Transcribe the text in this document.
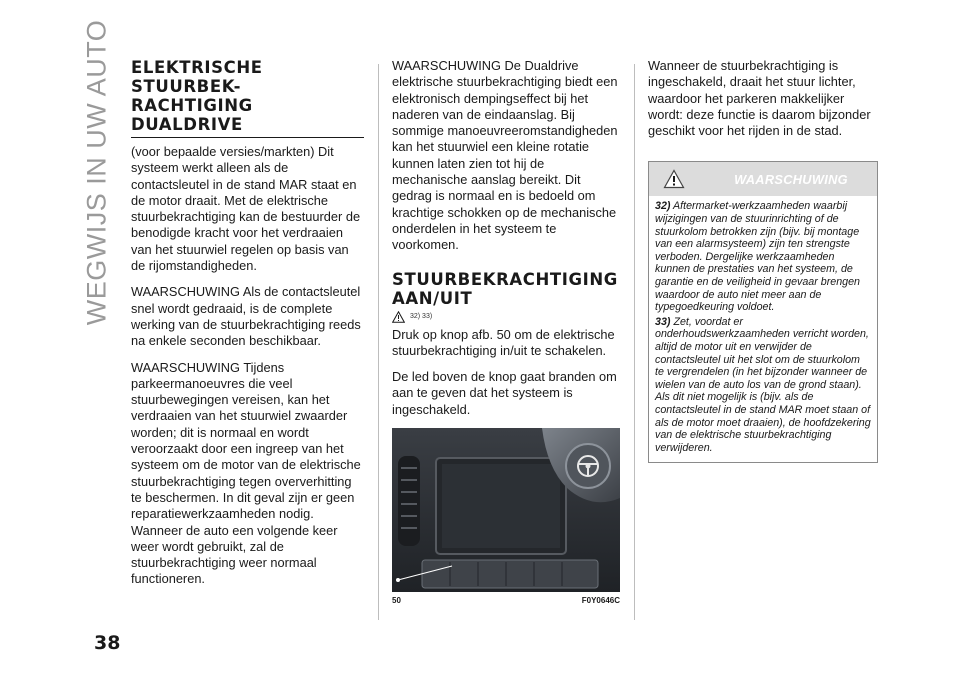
WEGWIJS IN UW AUTO ELEKTRISCHE
STUURBEK-
RACHTIGING
DUALDRIVE

(voor bepaalde versies/markten) Dit systeem werkt alleen als de contactsleutel in de stand MAR staat en de motor draait. Met de elektrische stuurbekrachtiging kan de bestuurder de benodigde kracht voor het verdraaien van het stuurwiel regelen op basis van de rijomstandigheden.

WAARSCHUWING Als de contactsleutel snel wordt gedraaid, is de complete werking van de stuurbekrachtiging reeds na enkele seconden beschikbaar.

WAARSCHUWING Tijdens parkeermanoeuvres die veel stuurbewegingen vereisen, kan het verdraaien van het stuurwiel zwaarder worden; dit is normaal en wordt veroorzaakt door een ingreep van het systeem om de motor van de elektrische stuurbekrachtiging tegen oververhitting te beschermen. In dit geval zijn er geen reparatiewerkzaamheden nodig. Wanneer de auto een volgende keer weer wordt gebruikt, zal de stuurbekrachtiging weer normaal functioneren.

WAARSCHUWING De Dualdrive elektrische stuurbekrachtiging biedt een elektronisch dempingseffect bij het naderen van de eindaanslag. Bij sommige manoeuvreeromstandigheden kan het stuurwiel een kleine rotatie kunnen laten zien tot hij de mechanische aanslag bereikt. Dit gedrag is normaal en is bedoeld om krachtige schokken op de mechanische onderdelen in het systeem te voorkomen.

STUURBEKRACHTIGING
AAN/UIT
32) 33)

Druk op knop afb. 50 om de elektrische stuurbekrachtiging in/uit te schakelen.

De led boven de knop gaat branden om aan te geven dat het systeem is ingeschakeld.

50	F0Y0646C

Wanneer de stuurbekrachtiging is ingeschakeld, draait het stuur lichter, waardoor het parkeren makkelijker wordt: deze functie is daarom bijzonder geschikt voor het rijden in de stad.

WAARSCHUWING

32) Aftermarket-werkzaamheden waarbij wijzigingen van de stuurinrichting of de stuurkolom betrokken zijn (bijv. bij montage van een alarmsysteem) zijn ten strengste verboden. Dergelijke werkzaamheden kunnen de prestaties van het systeem, de garantie en de veiligheid in gevaar brengen waardoor de auto niet meer aan de typegoedkeuring voldoet.

33) Zet, voordat er onderhoudswerkzaamheden verricht worden, altijd de motor uit en verwijder de contactsleutel uit het slot om de stuurkolom te vergrendelen (in het bijzonder wanneer de wielen van de auto los van de grond staan). Als dit niet mogelijk is (bijv. als de contactsleutel in de stand MAR moet staan of als de motor moet draaien), de hoofdzekering van de elektrische stuurbekrachtiging verwijderen.

38
